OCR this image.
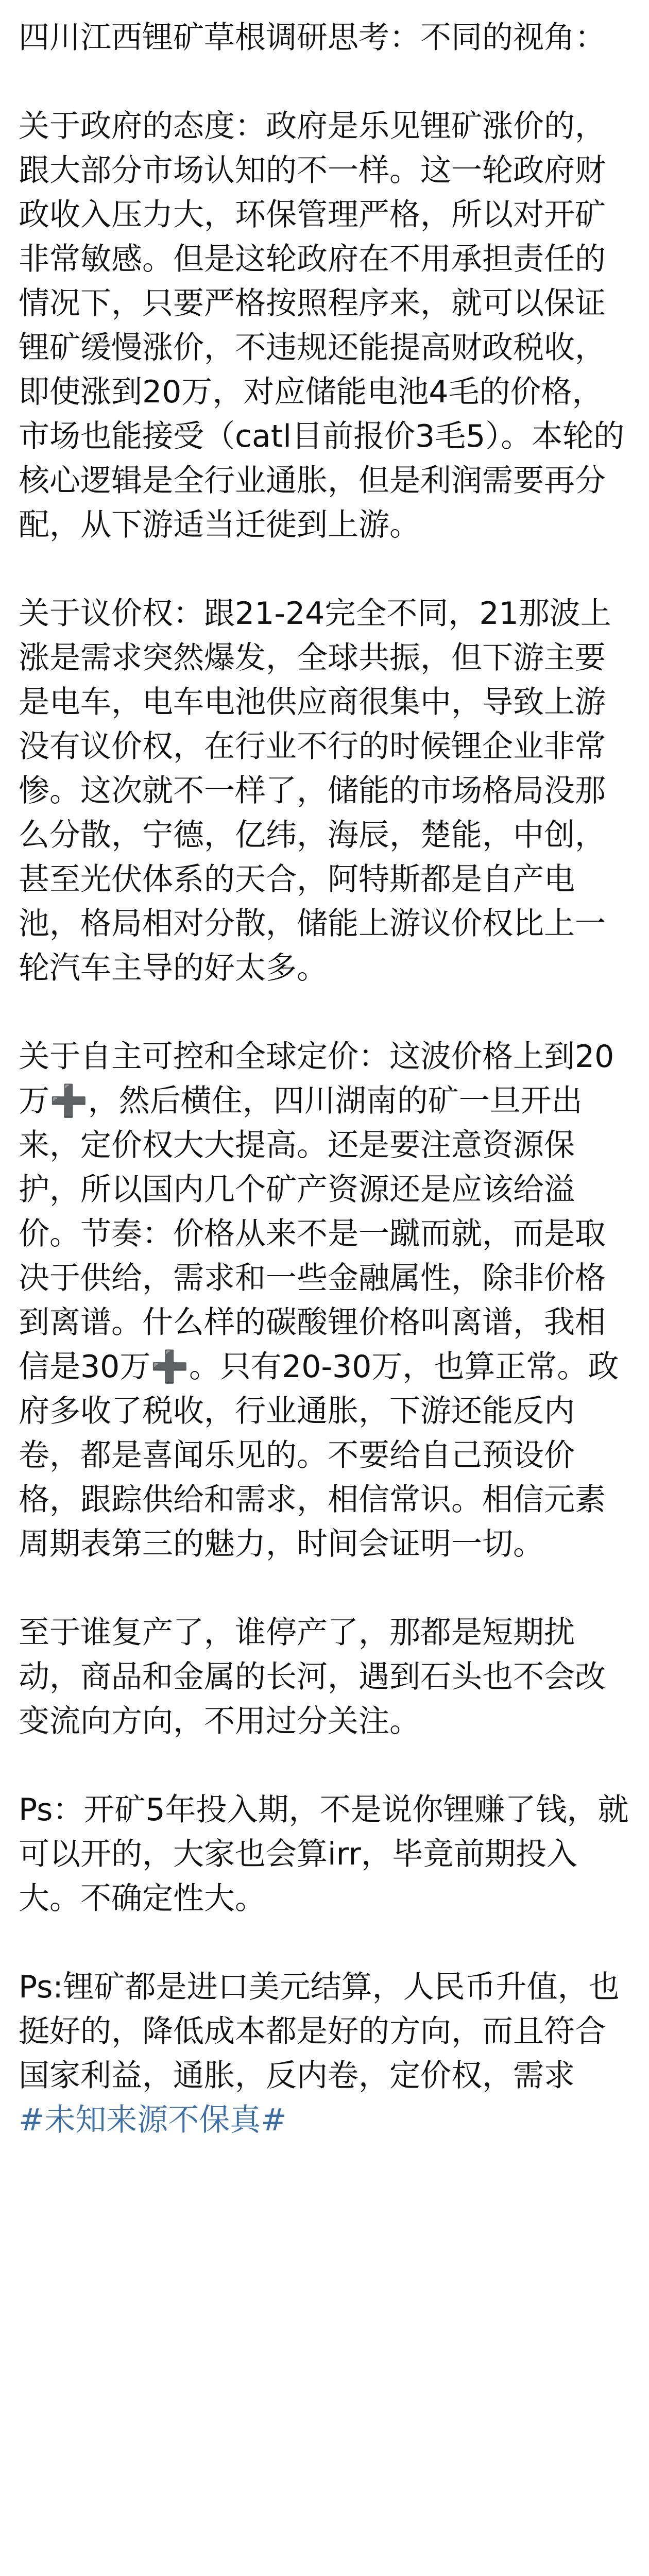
四川江西锂矿草根调研思考：不同的视角：

关于政府的态度：政府是乐见锂矿涨价的，跟大部分市场认知的不一样。这一轮政府财政收入压力大，环保管理严格，所以对开矿非常敏感。但是这轮政府在不用承担责任的情况下，只要严格按照程序来，就可以保证锂矿缓慢涨价，不违规还能提高财政税收，即使涨到20万，对应储能电池4毛的价格，市场也能接受（catl目前报价3毛5）。本轮的核心逻辑是全行业通胀，但是利润需要再分配，从下游适当迁徙到上游。

关于议价权：跟21-24完全不同，21那波上涨是需求突然爆发，全球共振，但下游主要是电车，电车电池供应商很集中，导致上游没有议价权，在行业不行的时候锂企业非常惨。这次就不一样了，储能的市场格局没那么分散，宁德，亿纬，海辰，楚能，中创，甚至光伏体系的天合，阿特斯都是自产电池，格局相对分散，储能上游议价权比上一轮汽车主导的好太多。

关于自主可控和全球定价：这波价格上到20万➕，然后横住，四川湖南的矿一旦开出来，定价权大大提高。还是要注意资源保护，所以国内几个矿产资源还是应该给溢价。节奏：价格从来不是一蹴而就，而是取决于供给，需求和一些金融属性，除非价格到离谱。什么样的碳酸锂价格叫离谱，我相信是30万➕。只有20-30万，也算正常。政府多收了税收，行业通胀，下游还能反内卷，都是喜闻乐见的。不要给自己预设价格，跟踪供给和需求，相信常识。相信元素周期表第三的魅力，时间会证明一切。

至于谁复产了，谁停产了，那都是短期扰动，商品和金属的长河，遇到石头也不会改变流向方向，不用过分关注。

Ps：开矿5年投入期，不是说你锂赚了钱，就可以开的，大家也会算irr，毕竟前期投入大。不确定性大。

Ps:锂矿都是进口美元结算，人民币升值，也挺好的，降低成本都是好的方向，而且符合国家利益，通胀，反内卷，定价权，需求

#未知来源不保真#
